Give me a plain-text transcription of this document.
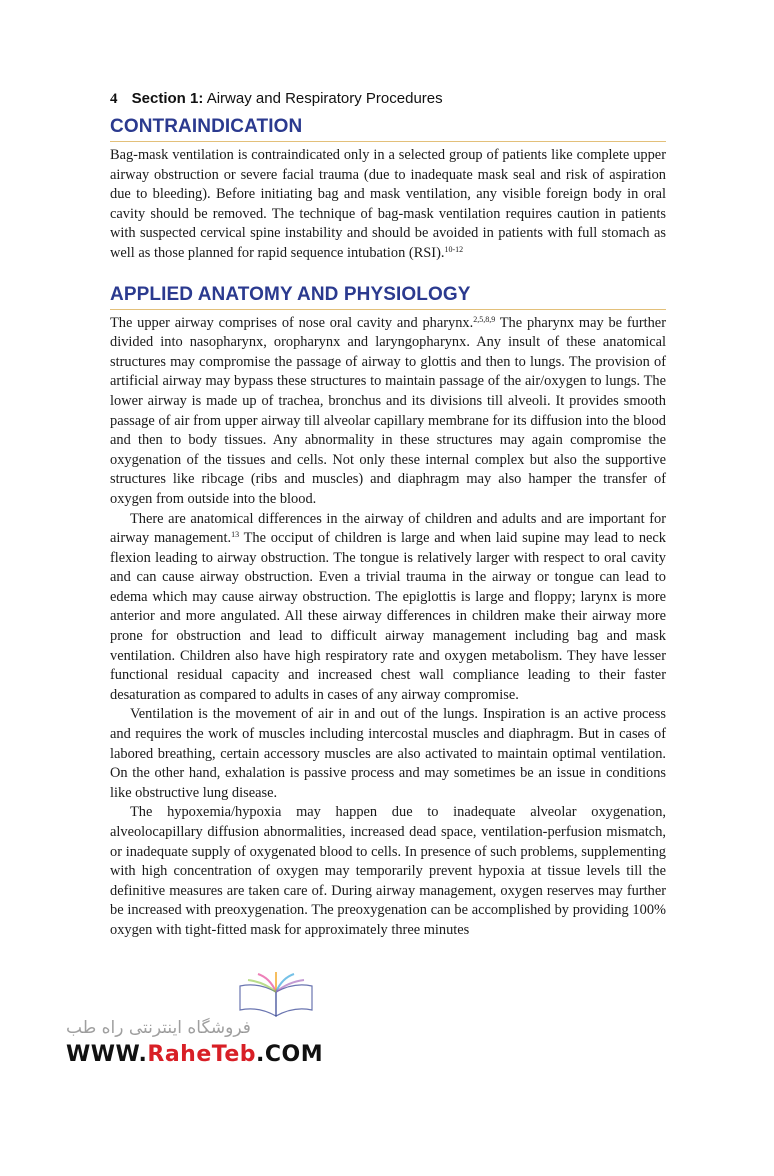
4 Section 1: Airway and Respiratory Procedures
CONTRAINDICATION

Bag-mask ventilation is contraindicated only in a selected group of patients like complete upper airway obstruction or severe facial trauma (due to inadequate mask seal and risk of aspiration due to bleeding). Before initiating bag and mask ventilation, any visible foreign body in oral cavity should be removed. The technique of bag-mask ventilation requires caution in patients with suspected cervical spine instability and should be avoided in patients with full stomach as well as those planned for rapid sequence intubation (RSI).$^{10-12}$

APPLIED ANATOMY AND PHYSIOLOGY

The upper airway comprises of nose oral cavity and pharynx.$^{2,5,8,9}$ The pharynx may be further divided into nasopharynx, oropharynx and laryngopharynx. Any insult of these anatomical structures may compromise the passage of airway to glottis and then to lungs. The provision of artificial airway may bypass these structures to maintain passage of the air/oxygen to lungs. The lower airway is made up of trachea, bronchus and its divisions till alveoli. It provides smooth passage of air from upper airway till alveolar capillary membrane for its diffusion into the blood and then to body tissues. Any abnormality in these structures may again compromise the oxygenation of the tissues and cells. Not only these internal complex but also the supportive structures like ribcage (ribs and muscles) and diaphragm may also hamper the transfer of oxygen from outside into the blood.

There are anatomical differences in the airway of children and adults and are important for airway management.$^{13}$ The occiput of children is large and when laid supine may lead to neck flexion leading to airway obstruction. The tongue is relatively larger with respect to oral cavity and can cause airway obstruction. Even a trivial trauma in the airway or tongue can lead to edema which may cause airway obstruction. The epiglottis is large and floppy; larynx is more anterior and more angulated. All these airway differences in children make their airway more prone for obstruction and lead to difficult airway management including bag and mask ventilation. Children also have high respiratory rate and oxygen metabolism. They have lesser functional residual capacity and increased chest wall compliance leading to their faster desaturation as compared to adults in cases of any airway compromise.

Ventilation is the movement of air in and out of the lungs. Inspiration is an active process and requires the work of muscles including intercostal muscles and diaphragm. But in cases of labored breathing, certain accessory muscles are also activated to maintain optimal ventilation. On the other hand, exhalation is passive process and may sometimes be an issue in conditions like obstructive lung disease.

The hypoxemia/hypoxia may happen due to inadequate alveolar oxygenation, alveolocapillary diffusion abnormalities, increased dead space, ventilation-perfusion mismatch, or inadequate supply of oxygenated blood to cells. In presence of such problems, supplementing with high concentration of oxygen may temporarily prevent hypoxia at tissue levels till the definitive measures are taken care of. During airway management, oxygen reserves may further be increased with preoxygenation. The preoxygenation can be accomplished by providing 100% oxygen with tight-fitted mask for approximately three minutes

فروشگاه اینترنتی راه طب
WWW.RaheTeb.COM
